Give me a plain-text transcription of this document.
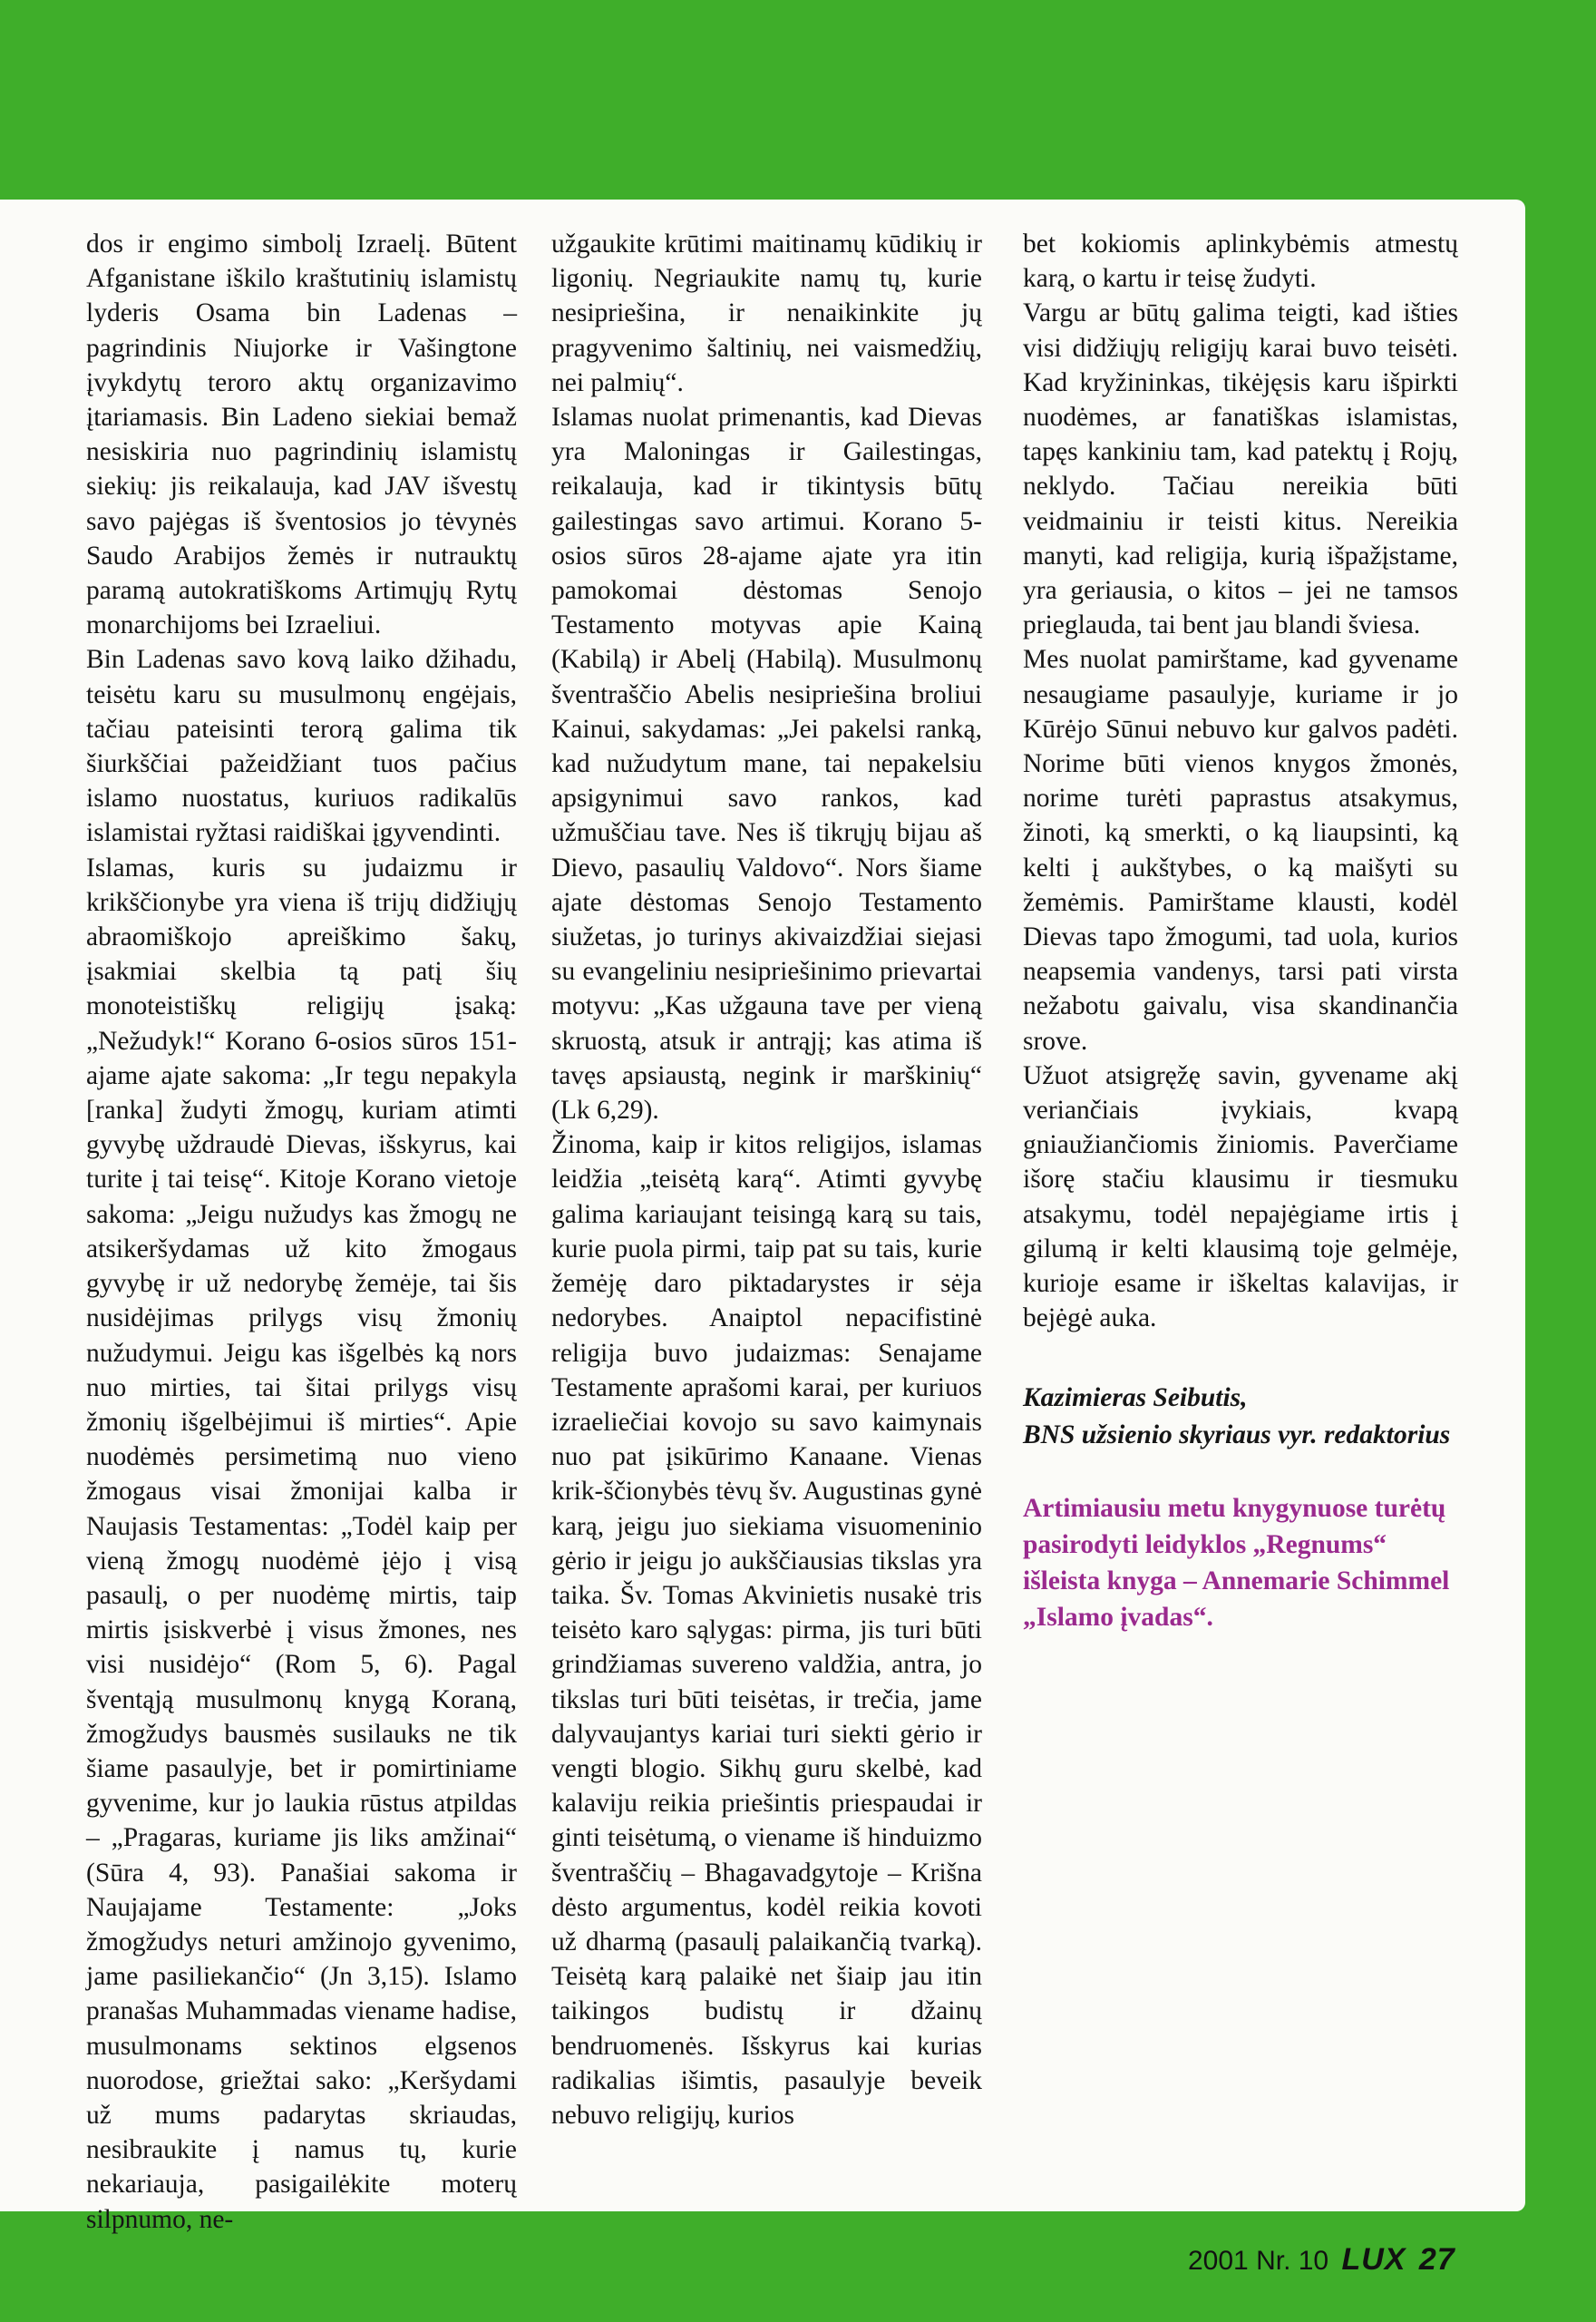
dos ir engimo simbolį Izraelį. Būtent Afganistane iškilo kraštutinių islamistų lyderis Osama bin Ladenas – pagrindinis Niujorke ir Vašingtone įvykdytų teroro aktų organizavimo įtariamasis. Bin Ladeno siekiai bemaž nesiskiria nuo pagrindinių islamistų siekių: jis reikalauja, kad JAV išvestų savo pajėgas iš šventosios jo tėvynės Saudo Arabijos žemės ir nutrauktų paramą autokratiškoms Artimųjų Rytų monarchijoms bei Izraeliui.

Bin Ladenas savo kovą laiko džihadu, teisėtu karu su musulmonų engėjais, tačiau pateisinti terorą galima tik šiurkščiai pažeidžiant tuos pačius islamo nuostatus, kuriuos radikalūs islamistai ryžtasi raidiškai įgyvendinti.

Islamas, kuris su judaizmu ir krikščionybe yra viena iš trijų didžiųjų abraomiškojo apreiškimo šakų, įsakmiai skelbia tą patį šių monoteistiškų religijų įsaką: „Nežudyk!“ Korano 6-osios sūros 151-ajame ajate sakoma: „Ir tegu nepakyla [ranka] žudyti žmogų, kuriam atimti gyvybę uždraudė Dievas, išskyrus, kai turite į tai teisę“. Kitoje Korano vietoje sakoma: „Jeigu nužudys kas žmogų ne atsikeršydamas už kito žmogaus gyvybę ir už nedorybę žemėje, tai šis nusidėjimas prilygs visų žmonių nužudymui. Jeigu kas išgelbės ką nors nuo mirties, tai šitai prilygs visų žmonių išgelbėjimui iš mirties“. Apie nuodėmės persimetimą nuo vieno žmogaus visai žmonijai kalba ir Naujasis Testamentas: „Todėl kaip per vieną žmogų nuodėmė įėjo į visą pasaulį, o per nuodėmę mirtis, taip mirtis įsiskverbė į visus žmones, nes visi nusidėjo“ (Rom 5, 6). Pagal šventąją musulmonų knygą Koraną, žmogžudys bausmės susilauks ne tik šiame pasaulyje, bet ir pomirtiniame gyvenime, kur jo laukia rūstus atpildas – „Pragaras, kuriame jis liks amžinai“ (Sūra 4, 93). Panašiai sakoma ir Naujajame Testamente: „Joks žmogžudys neturi amžinojo gyvenimo, jame pasiliekančio“ (Jn 3,15). Islamo pranašas Muhammadas viename hadise, musulmonams sektinos elgsenos nuorodose, griežtai sako: „Keršydami už mums padarytas skriaudas, nesibraukite į namus tų, kurie nekariauja, pasigailėkite moterų silpnumo, ne-

užgaukite krūtimi maitinamų kūdikių ir ligonių. Negriaukite namų tų, kurie nesipriešina, ir nenaikinkite jų pragyvenimo šaltinių, nei vaismedžių, nei palmių“.

Islamas nuolat primenantis, kad Dievas yra Maloningas ir Gailestingas, reikalauja, kad ir tikintysis būtų gailestingas savo artimui. Korano 5-osios sūros 28-ajame ajate yra itin pamokomai dėstomas Senojo Testamento motyvas apie Kainą (Kabilą) ir Abelį (Habilą). Musulmonų šventraščio Abelis nesipriešina broliui Kainui, sakydamas: „Jei pakelsi ranką, kad nužudytum mane, tai nepakelsiu apsigynimui savo rankos, kad užmuščiau tave. Nes iš tikrųjų bijau aš Dievo, pasaulių Valdovo“. Nors šiame ajate dėstomas Senojo Testamento siužetas, jo turinys akivaizdžiai siejasi su evangeliniu nesipriešinimo prievartai motyvu: „Kas užgauna tave per vieną skruostą, atsuk ir antrąjį; kas atima iš tavęs apsiaustą, negink ir marškinių“ (Lk 6,29).

Žinoma, kaip ir kitos religijos, islamas leidžia „teisėtą karą“. Atimti gyvybę galima kariaujant teisingą karą su tais, kurie puola pirmi, taip pat su tais, kurie žemėję daro piktadarystes ir sėja nedorybes. Anaiptol nepacifistinė religija buvo judaizmas: Senajame Testamente aprašomi karai, per kuriuos izraeliečiai kovojo su savo kaimynais nuo pat įsikūrimo Kanaane. Vienas krik-ščionybės tėvų šv. Augustinas gynė karą, jeigu juo siekiama visuomeninio gėrio ir jeigu jo aukščiausias tikslas yra taika. Šv. Tomas Akvinietis nusakė tris teisėto karo sąlygas: pirma, jis turi būti grindžiamas suvereno valdžia, antra, jo tikslas turi būti teisėtas, ir trečia, jame dalyvaujantys kariai turi siekti gėrio ir vengti blogio. Sikhų guru skelbė, kad kalaviju reikia priešintis priespaudai ir ginti teisėtumą, o viename iš hinduizmo šventraščių – Bhagavadgytoje – Krišna dėsto argumentus, kodėl reikia kovoti už dharmą (pasaulį palaikančią tvarką). Teisėtą karą palaikė net šiaip jau itin taikingos budistų ir džainų bendruomenės. Išskyrus kai kurias radikalias išimtis, pasaulyje beveik nebuvo religijų, kurios

bet kokiomis aplinkybėmis atmestų karą, o kartu ir teisę žudyti.

Vargu ar būtų galima teigti, kad išties visi didžiųjų religijų karai buvo teisėti. Kad kryžininkas, tikėjęsis karu išpirkti nuodėmes, ar fanatiškas islamistas, tapęs kankiniu tam, kad patektų į Rojų, neklydo. Tačiau nereikia būti veidmainiu ir teisti kitus. Nereikia manyti, kad religija, kurią išpažįstame, yra geriausia, o kitos – jei ne tamsos prieglauda, tai bent jau blandi šviesa.

Mes nuolat pamirštame, kad gyvename nesaugiame pasaulyje, kuriame ir jo Kūrėjo Sūnui nebuvo kur galvos padėti. Norime būti vienos knygos žmonės, norime turėti paprastus atsakymus, žinoti, ką smerkti, o ką liaupsinti, ką kelti į aukštybes, o ką maišyti su žemėmis. Pamirštame klausti, kodėl Dievas tapo žmogumi, tad uola, kurios neapsemia vandenys, tarsi pati virsta nežabotu gaivalu, visa skandinančia srove.

Užuot atsigręžę savin, gyvename akį veriančiais įvykiais, kvapą gniaužiančiomis žiniomis. Paverčiame išorę stačiu klausimu ir tiesmuku atsakymu, todėl nepajėgiame irtis į gilumą ir kelti klausimą toje gelmėje, kurioje esame ir iškeltas kalavijas, ir bejėgė auka.

Kazimieras Seibutis,
BNS užsienio skyriaus vyr. redaktorius

Artimiausiu metu knygynuose turėtų pasirodyti leidyklos „Regnums“ išleista knyga – Annemarie Schimmel „Islamo įvadas“.

2001 Nr. 10 LUX 27
